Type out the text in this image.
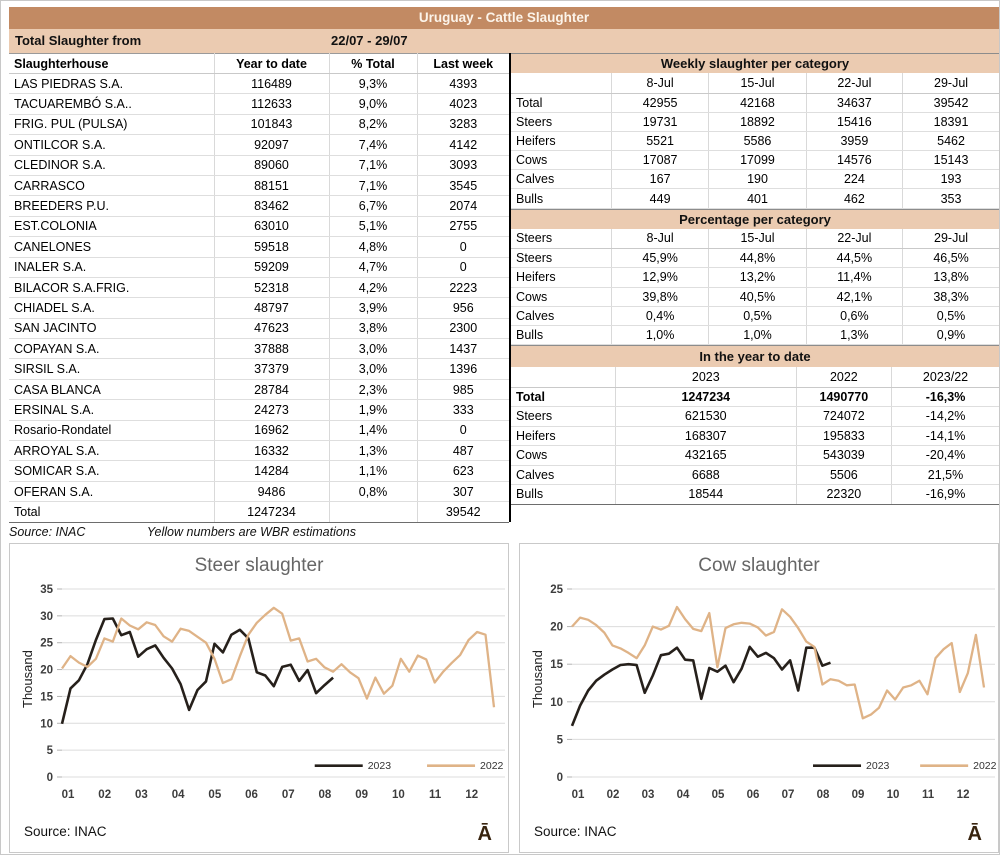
Uruguay - Cattle Slaughter
Total Slaughter from	22/07 - 29/07
Slaughterhouse	Year to date	% Total	Last week
LAS PIEDRAS S.A.	116489	9,3%	4393
TACUAREMBÓ S.A..	112633	9,0%	4023
FRIG. PUL (PULSA)	101843	8,2%	3283
ONTILCOR S.A.	92097	7,4%	4142
CLEDINOR S.A.	89060	7,1%	3093
CARRASCO	88151	7,1%	3545
BREEDERS P.U.	83462	6,7%	2074
EST.COLONIA	63010	5,1%	2755
CANELONES	59518	4,8%	0
INALER S.A.	59209	4,7%	0
BILACOR S.A.FRIG.	52318	4,2%	2223
CHIADEL S.A.	48797	3,9%	956
SAN JACINTO	47623	3,8%	2300
COPAYAN S.A.	37888	3,0%	1437
SIRSIL S.A.	37379	3,0%	1396
CASA BLANCA	28784	2,3%	985
ERSINAL S.A.	24273	1,9%	333
Rosario-Rondatel	16962	1,4%	0
ARROYAL S.A.	16332	1,3%	487
SOMICAR S.A.	14284	1,1%	623
OFERAN S.A.	9486	0,8%	307
Total	1247234		39542
Source: INAC	Yellow numbers are WBR estimations
Weekly slaughter per category
	8-Jul	15-Jul	22-Jul	29-Jul
Total	42955	42168	34637	39542
Steers	19731	18892	15416	18391
Heifers	5521	5586	3959	5462
Cows	17087	17099	14576	15143
Calves	167	190	224	193
Bulls	449	401	462	353
Percentage per category
Steers	8-Jul	15-Jul	22-Jul	29-Jul
Steers	45,9%	44,8%	44,5%	46,5%
Heifers	12,9%	13,2%	11,4%	13,8%
Cows	39,8%	40,5%	42,1%	38,3%
Calves	0,4%	0,5%	0,6%	0,5%
Bulls	1,0%	1,0%	1,3%	0,9%
In the year to date
	2023	2022	2023/22
Total	1247234	1490770	-16,3%
Steers	621530	724072	-14,2%
Heifers	168307	195833	-14,1%
Cows	432165	543039	-20,4%
Calves	6688	5506	21,5%
Bulls	18544	22320	-16,9%
Steer slaughter
Thousand
0
5
10
15
20
25
30
35
01 02 03 04 05 06 07 08 09 10 11 12
2023	2022
Source: INAC	Ā
Cow slaughter
Thousand
0
5
10
15
20
25
01 02 03 04 05 06 07 08 09 10 11 12
2023	2022
Source: INAC	Ā
